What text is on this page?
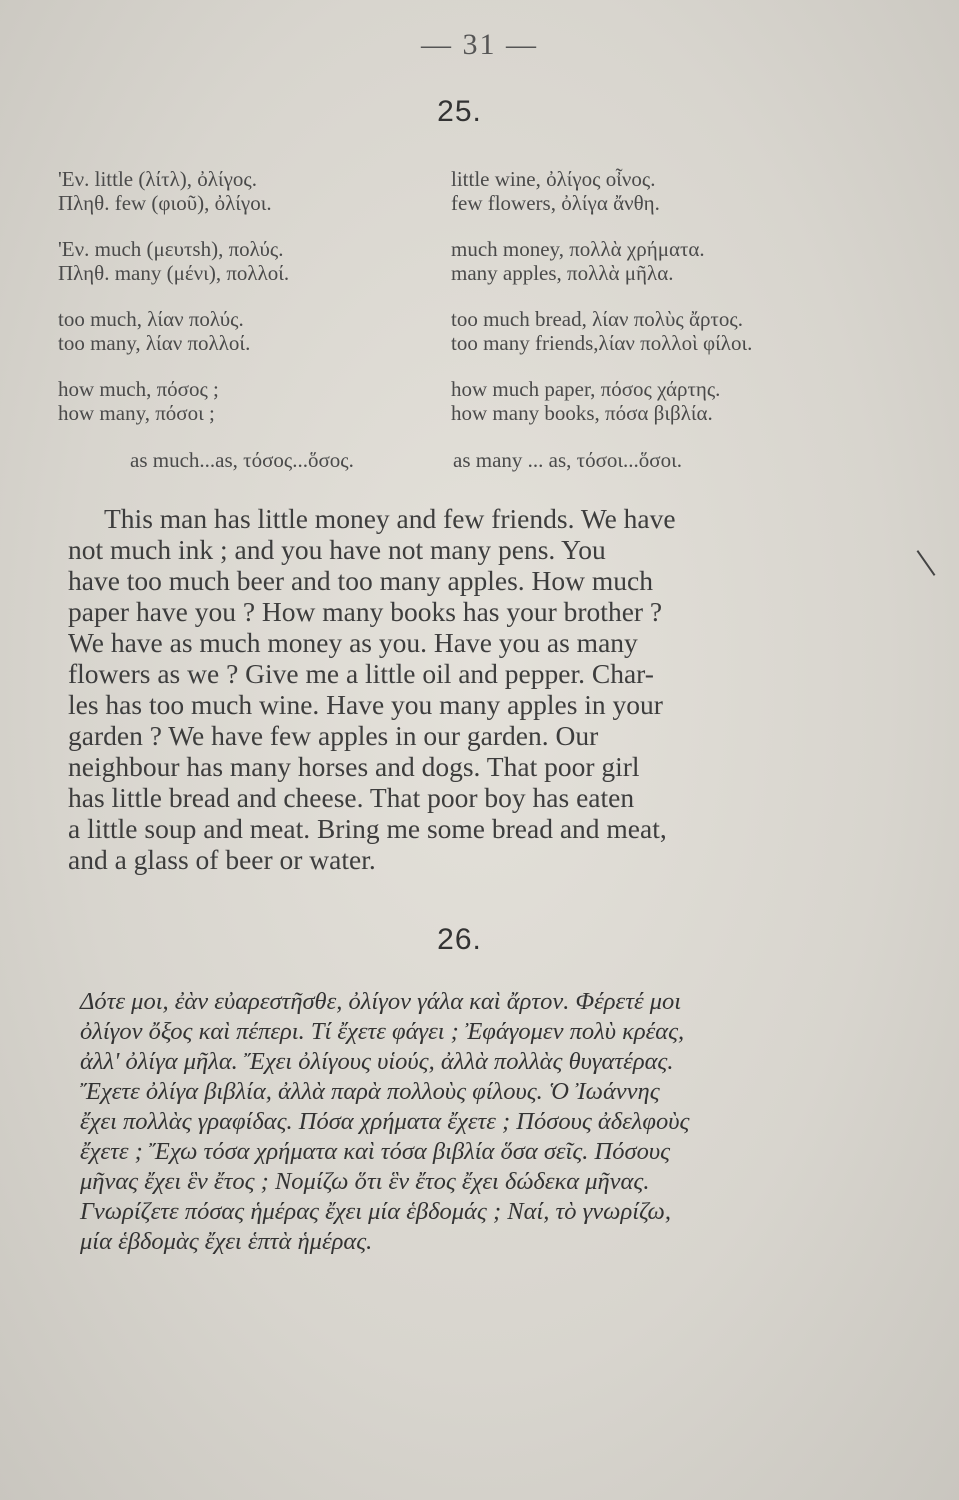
— 31 —
25.
'Εν. little (λίτλ), ὀλίγος.
Πληθ. few (φιοῦ), ὀλίγοι.
'Εν. much (μευτsh), πολύς.
Πληθ. many (μένι), πολλοί.
too much, λίαν πολύς.
too many, λίαν πολλοί.
how much, πόσος ;
how many, πόσοι ;
little wine, ὀλίγος οἶνος.
few flowers, ὀλίγα ἄνθη.
much money, πολλὰ χρήματα.
many apples, πολλὰ μῆλα.
too much bread, λίαν πολὺς ἄρτος.
too many friends,λίαν πολλοὶ φίλοι.
how much paper, πόσος χάρτης.
how many books, πόσα βιβλία.
as much...as, τόσος...ὅσος.	as many ... as, τόσοι...ὅσοι.
This man has little money and few friends. We have
not much ink ; and you have not many pens. You
have too much beer and too many apples. How much
paper have you ? How many books has your brother ?
We have as much money as you. Have you as many
flowers as we ? Give me a little oil and pepper. Char-
les has too much wine. Have you many apples in your
garden ? We have few apples in our garden. Our
neighbour has many horses and dogs. That poor girl
has little bread and cheese. That poor boy has eaten
a little soup and meat. Bring me some bread and meat,
and a glass of beer or water.
26.
Δότε μοι, ἐὰν εὐαρεστῆσθε, ὀλίγον γάλα καὶ ἄρτον. Φέρετέ μοι
ὀλίγον ὄξος καὶ πέπερι. Τί ἔχετε φάγει ; Ἐφάγομεν πολὺ κρέας,
ἀλλ' ὀλίγα μῆλα. Ἔχει ὀλίγους υἱούς, ἀλλὰ πολλὰς θυγατέρας.
Ἔχετε ὀλίγα βιβλία, ἀλλὰ παρὰ πολλοὺς φίλους. Ὁ Ἰωάννης
ἔχει πολλὰς γραφίδας. Πόσα χρήματα ἔχετε ; Πόσους ἀδελφοὺς
ἔχετε ; Ἔχω τόσα χρήματα καὶ τόσα βιβλία ὅσα σεῖς. Πόσους
μῆνας ἔχει ἓν ἔτος ; Νομίζω ὅτι ἓν ἔτος ἔχει δώδεκα μῆνας.
Γνωρίζετε πόσας ἡμέρας ἔχει μία ἑβδομάς ; Ναί, τὸ γνωρίζω,
μία ἑβδομὰς ἔχει ἑπτὰ ἡμέρας.
